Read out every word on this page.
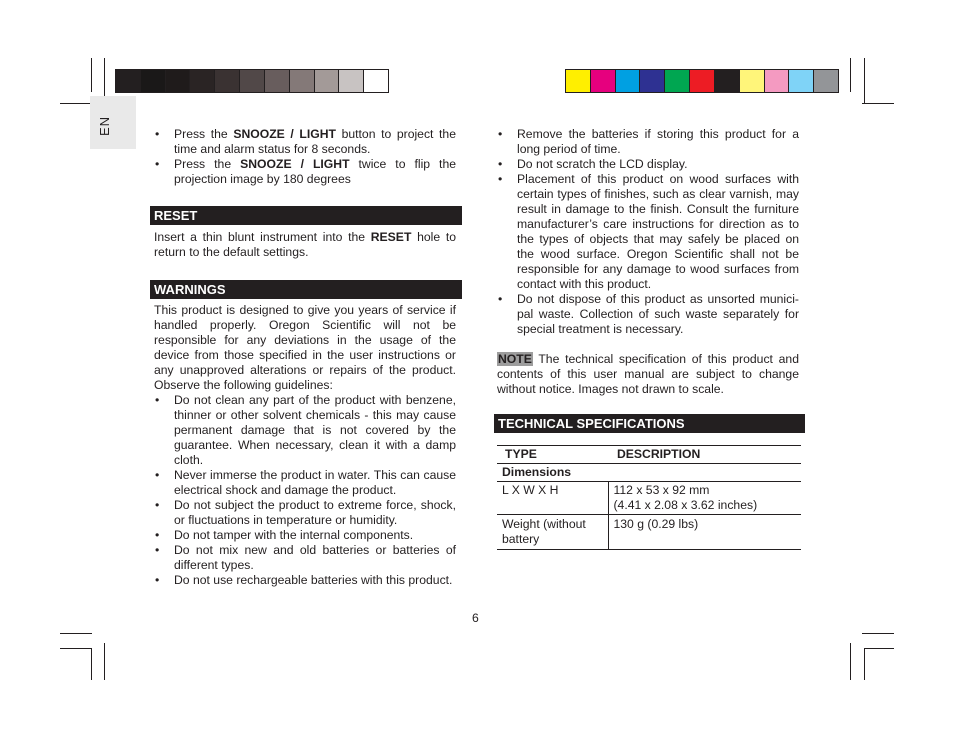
EN	• Press the SNOOZE / LIGHT button to project the time and alarm status for 8 seconds.
• Press the SNOOZE / LIGHT twice to flip the projection image by 180 degrees
RESET

Insert a thin blunt instrument into the RESET hole to return to the default settings.

WARNINGS

This product is designed to give you years of service if handled properly. Oregon Scientific will not be responsible for any deviations in the usage of the device from those specified in the user instructions or any unapproved alterations or repairs of the product. Observe the following guidelines:

• Do not clean any part of the product with benzene, thinner or other solvent chemicals - this may cause permanent damage that is not covered by the guarantee. When necessary, clean it with a damp cloth.
• Never immerse the product in water. This can cause electrical shock and damage the product.
• Do not subject the product to extreme force, shock, or fluctuations in temperature or humidity.
• Do not tamper with the internal components.
• Do not mix new and old batteries or batteries of different types.
• Do not use rechargeable batteries with this product.
• Remove the batteries if storing this product for a long period of time.
• Do not scratch the LCD display.
• Placement of this product on wood surfaces with certain types of finishes, such as clear varnish, may result in damage to the finish. Consult the furniture manufacturer’s care instructions for direction as to the types of objects that may safely be placed on the wood surface. Oregon Scientific shall not be responsible for any damage to wood surfaces from contact with this product.
• Do not dispose of this product as unsorted munici-pal waste. Collection of such waste separately for special treatment is necessary.

NOTE The technical specification of this product and contents of this user manual are subject to change without notice. Images not drawn to scale.

TECHNICAL SPECIFICATIONS
TYPE	DESCRIPTION
Dimensions	
L X W X H	112 x 53 x 92 mm
(4.41 x 2.08 x 3.62 inches)

Weight (without battery	130 g (0.29 lbs)
6
